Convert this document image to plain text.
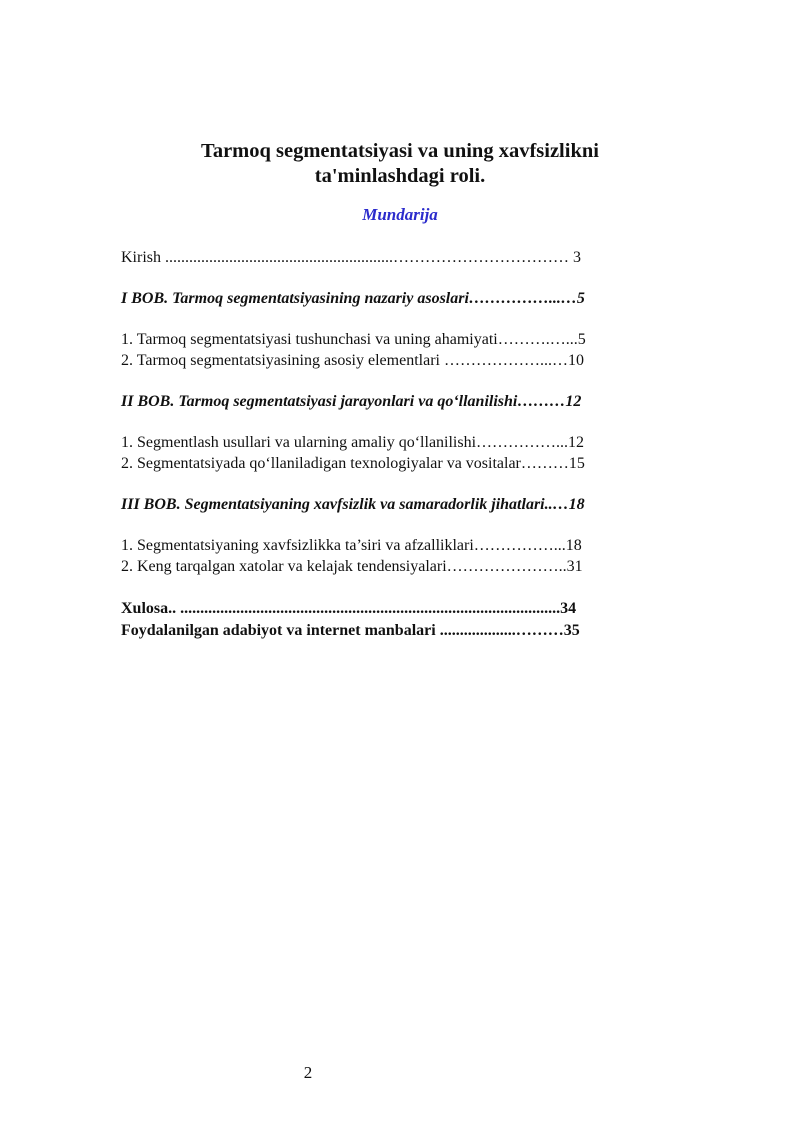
Tarmoq segmentatsiyasi va uning xavfsizlikni
ta'minlashdagi roli.
Mundarija
Kirish .........................................................…………………………… 3
I BOB. Tarmoq segmentatsiyasining nazariy asoslari……………...…5
1. Tarmoq segmentatsiyasi tushunchasi va uning ahamiyati……….…...5
2. Tarmoq segmentatsiyasining asosiy elementlari ………………...…10
II BOB. Tarmoq segmentatsiyasi jarayonlari va qo‘llanilishi………12
1. Segmentlash usullari va ularning amaliy qo‘llanilishi……………...12
2. Segmentatsiyada qo‘llaniladigan texnologiyalar va vositalar………15
III BOB. Segmentatsiyaning xavfsizlik va samaradorlik jihatlari..…18
1. Segmentatsiyaning xavfsizlikka ta’siri va afzalliklari……………...18
2. Keng tarqalgan xatolar va kelajak tendensiyalari…………………..31
Xulosa.. ...............................................................................................34
Foydalanilgan adabiyot va internet manbalari ...................………35
2
